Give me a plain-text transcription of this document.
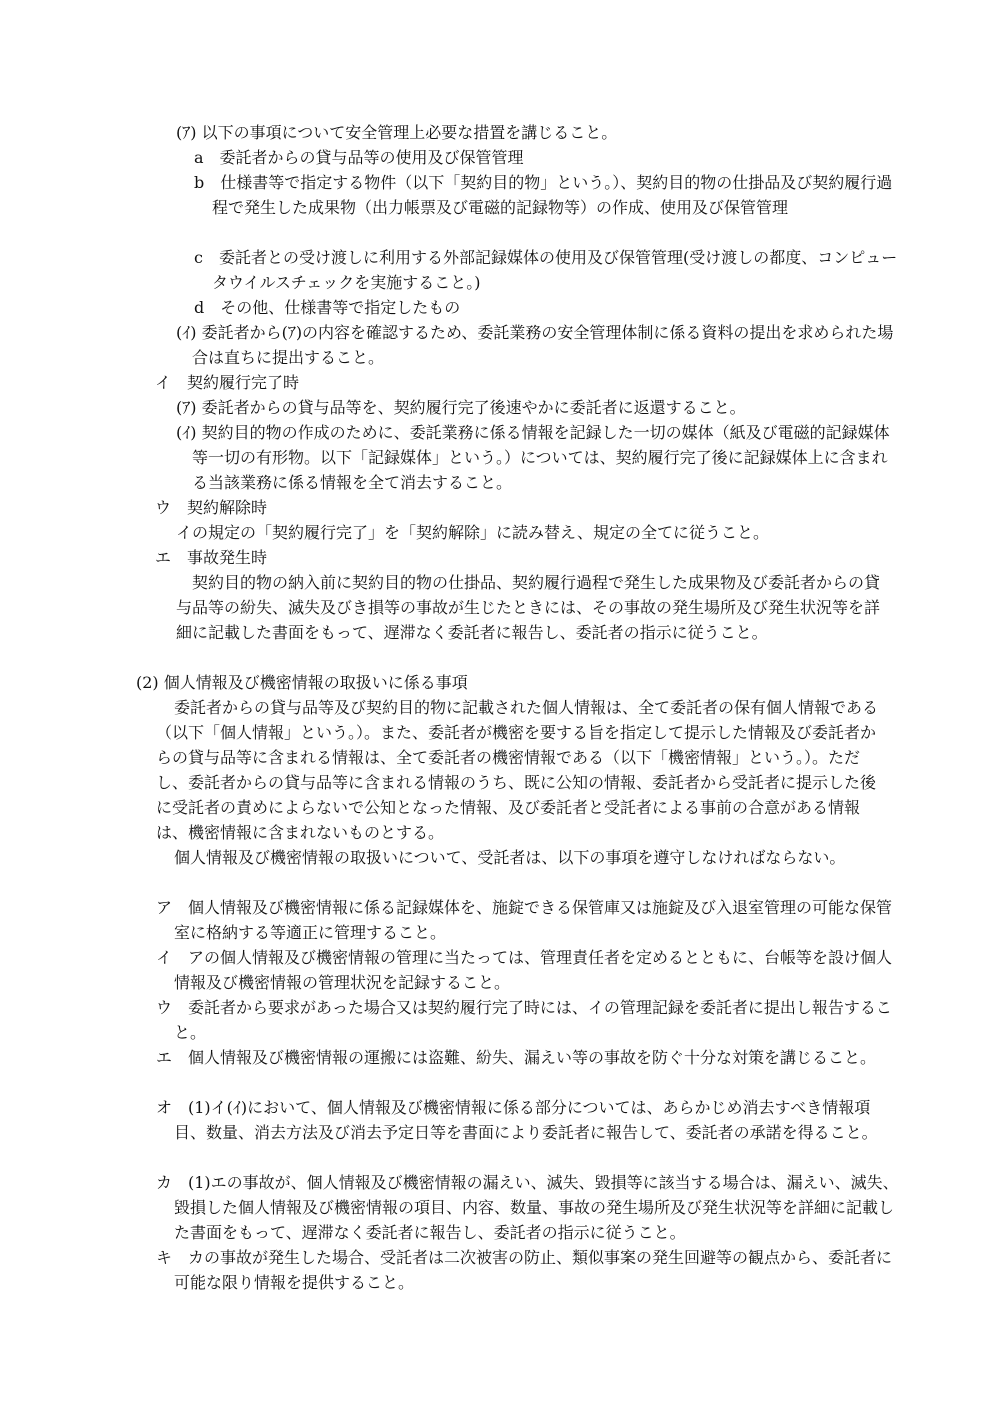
(ｱ) 以下の事項について安全管理上必要な措置を講じること。

a　委託者からの貸与品等の使用及び保管管理

b　仕様書等で指定する物件（以下「契約目的物」という。）、契約目的物の仕掛品及び契約履行過程で発生した成果物（出力帳票及び電磁的記録物等）の作成、使用及び保管管理

c　委託者との受け渡しに利用する外部記録媒体の使用及び保管管理(受け渡しの都度、コンピュータウイルスチェックを実施すること。)

d　その他、仕様書等で指定したもの

(ｲ) 委託者から(ｱ)の内容を確認するため、委託業務の安全管理体制に係る資料の提出を求められた場合は直ちに提出すること。

イ　契約履行完了時

(ｱ) 委託者からの貸与品等を、契約履行完了後速やかに委託者に返還すること。

(ｲ) 契約目的物の作成のために、委託業務に係る情報を記録した一切の媒体（紙及び電磁的記録媒体等一切の有形物。以下「記録媒体」という。）については、契約履行完了後に記録媒体上に含まれる当該業務に係る情報を全て消去すること。

ウ　契約解除時

イの規定の「契約履行完了」を「契約解除」に読み替え、規定の全てに従うこと。

エ　事故発生時

契約目的物の納入前に契約目的物の仕掛品、契約履行過程で発生した成果物及び委託者からの貸与品等の紛失、滅失及びき損等の事故が生じたときには、その事故の発生場所及び発生状況等を詳細に記載した書面をもって、遅滞なく委託者に報告し、委託者の指示に従うこと。

(2) 個人情報及び機密情報の取扱いに係る事項

委託者からの貸与品等及び契約目的物に記載された個人情報は、全て委託者の保有個人情報である（以下「個人情報」という。）。また、委託者が機密を要する旨を指定して提示した情報及び委託者からの貸与品等に含まれる情報は、全て委託者の機密情報である（以下「機密情報」という。）。ただし、委託者からの貸与品等に含まれる情報のうち、既に公知の情報、委託者から受託者に提示した後に受託者の責めによらないで公知となった情報、及び委託者と受託者による事前の合意がある情報は、機密情報に含まれないものとする。

個人情報及び機密情報の取扱いについて、受託者は、以下の事項を遵守しなければならない。

ア　個人情報及び機密情報に係る記録媒体を、施錠できる保管庫又は施錠及び入退室管理の可能な保管室に格納する等適正に管理すること。

イ　アの個人情報及び機密情報の管理に当たっては、管理責任者を定めるとともに、台帳等を設け個人情報及び機密情報の管理状況を記録すること。

ウ　委託者から要求があった場合又は契約履行完了時には、イの管理記録を委託者に提出し報告すること。

エ　個人情報及び機密情報の運搬には盗難、紛失、漏えい等の事故を防ぐ十分な対策を講じること。

オ　(1)イ(ｲ)において、個人情報及び機密情報に係る部分については、あらかじめ消去すべき情報項目、数量、消去方法及び消去予定日等を書面により委託者に報告して、委託者の承諾を得ること。

カ　(1)エの事故が、個人情報及び機密情報の漏えい、滅失、毀損等に該当する場合は、漏えい、滅失、毀損した個人情報及び機密情報の項目、内容、数量、事故の発生場所及び発生状況等を詳細に記載した書面をもって、遅滞なく委託者に報告し、委託者の指示に従うこと。

キ　カの事故が発生した場合、受託者は二次被害の防止、類似事案の発生回避等の観点から、委託者に可能な限り情報を提供すること。
